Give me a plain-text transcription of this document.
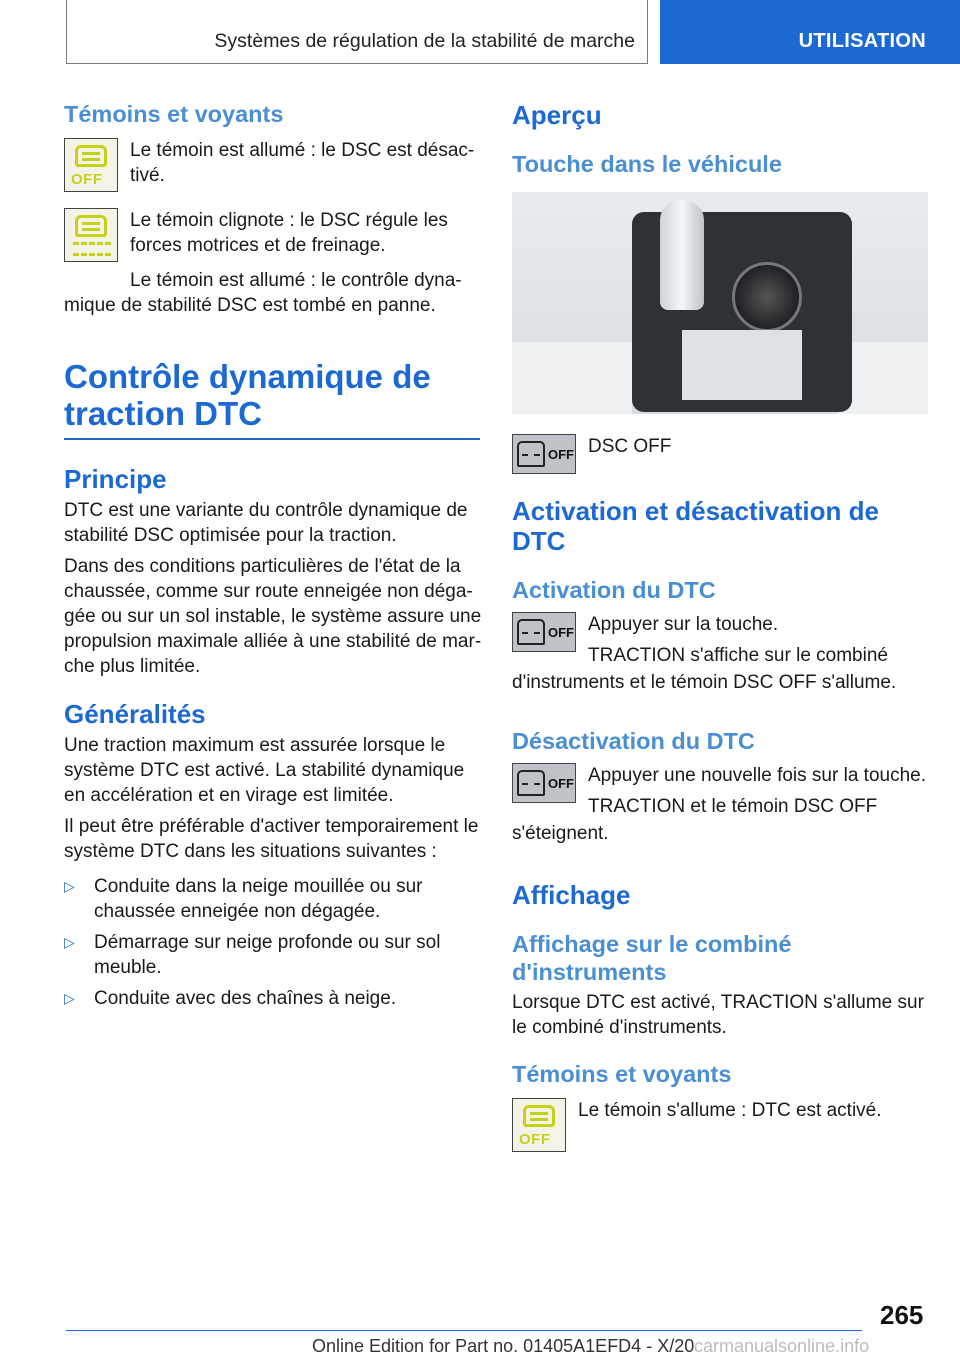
Systèmes de régulation de la stabilité de marche	UTILISATION
Témoins et voyants
OFF
Le témoin est allumé : le DSC est désac-tivé.
Le témoin clignote : le DSC régule les forces motrices et de freinage.
Le témoin est allumé : le contrôle dyna-
mique de stabilité DSC est tombé en panne.
Contrôle dynamique de
traction DTC
Principe
DTC est une variante du contrôle dynamique de stabilité DSC optimisée pour la traction.
Dans des conditions particulières de l'état de la chaussée, comme sur route enneigée non déga-gée ou sur un sol instable, le système assure une propulsion maximale alliée à une stabilité de mar-che plus limitée.
Généralités
Une traction maximum est assurée lorsque le système DTC est activé. La stabilité dynamique en accélération et en virage est limitée.
Il peut être préférable d'activer temporairement le système DTC dans les situations suivantes :
▷	Conduite dans la neige mouillée ou sur chaussée enneigée non dégagée.
▷	Démarrage sur neige profonde ou sur sol meuble.
▷	Conduite avec des chaînes à neige.
Aperçu
Touche dans le véhicule
OFF DSC OFF
Activation et désactivation de DTC
Activation du DTC
OFF Appuyer sur la touche.
TRACTION s'affiche sur le combiné
d'instruments et le témoin DSC OFF s'allume.
Désactivation du DTC
OFF Appuyer une nouvelle fois sur la touche.
TRACTION et le témoin DSC OFF
s'éteignent.
Affichage
Affichage sur le combiné d'instruments
Lorsque DTC est activé, TRACTION s'allume sur le combiné d'instruments.
Témoins et voyants
OFF
Le témoin s'allume : DTC est activé.
265
Online Edition for Part no. 01405A1EFD4 - X/20 carmanualsonline.info
